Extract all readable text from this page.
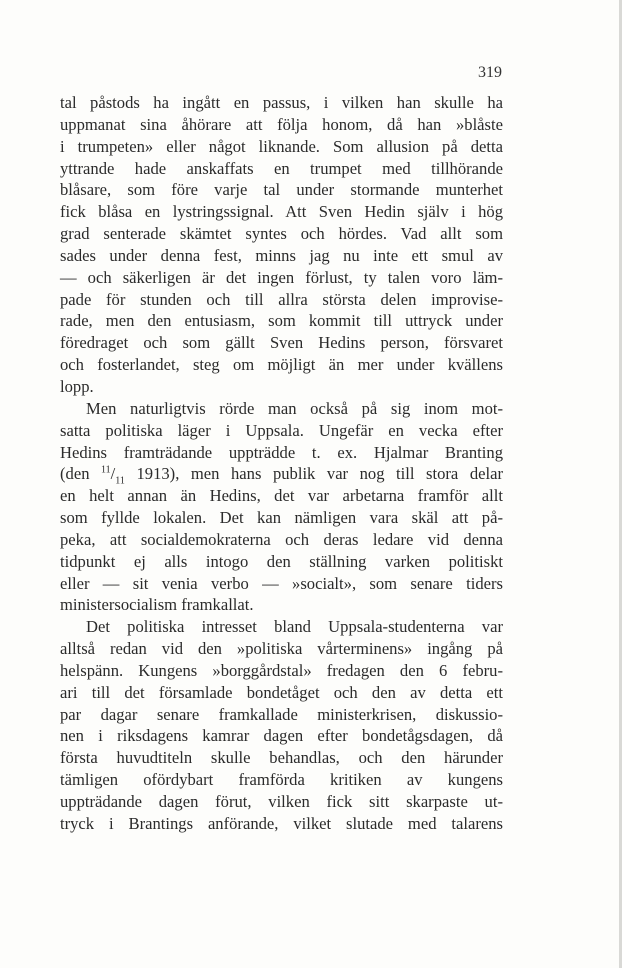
319
tal påstods ha ingått en passus, i vilken han skulle ha
uppmanat sina åhörare att följa honom, då han »blåste
i trumpeten» eller något liknande. Som allusion på detta
yttrande hade anskaffats en trumpet med tillhörande
blåsare, som före varje tal under stormande munterhet
fick blåsa en lystringssignal. Att Sven Hedin själv i hög
grad senterade skämtet syntes och hördes. Vad allt som
sades under denna fest, minns jag nu inte ett smul av
— och säkerligen är det ingen förlust, ty talen voro läm-
pade för stunden och till allra största delen improvise-
rade, men den entusiasm, som kommit till uttryck under
föredraget och som gällt Sven Hedins person, försvaret
och fosterlandet, steg om möjligt än mer under kvällens
lopp.
Men naturligtvis rörde man också på sig inom mot-
satta politiska läger i Uppsala. Ungefär en vecka efter
Hedins framträdande uppträdde t. ex. Hjalmar Branting
(den $^{11}/_{11}$ 1913), men hans publik var nog till stora delar
en helt annan än Hedins, det var arbetarna framför allt
som fyllde lokalen. Det kan nämligen vara skäl att på-
peka, att socialdemokraterna och deras ledare vid denna
tidpunkt ej alls intogo den ställning varken politiskt
eller — sit venia verbo — »socialt», som senare tiders
ministersocialism framkallat.
Det politiska intresset bland Uppsala-studenterna var
alltså redan vid den »politiska vårterminens» ingång på
helspänn. Kungens »borggårdstal» fredagen den 6 febru-
ari till det församlade bondetåget och den av detta ett
par dagar senare framkallade ministerkrisen, diskussio-
nen i riksdagens kamrar dagen efter bondetågsdagen, då
första huvudtiteln skulle behandlas, och den härunder
tämligen ofördybart framförda kritiken av kungens
uppträdande dagen förut, vilken fick sitt skarpaste ut-
tryck i Brantings anförande, vilket slutade med talarens
